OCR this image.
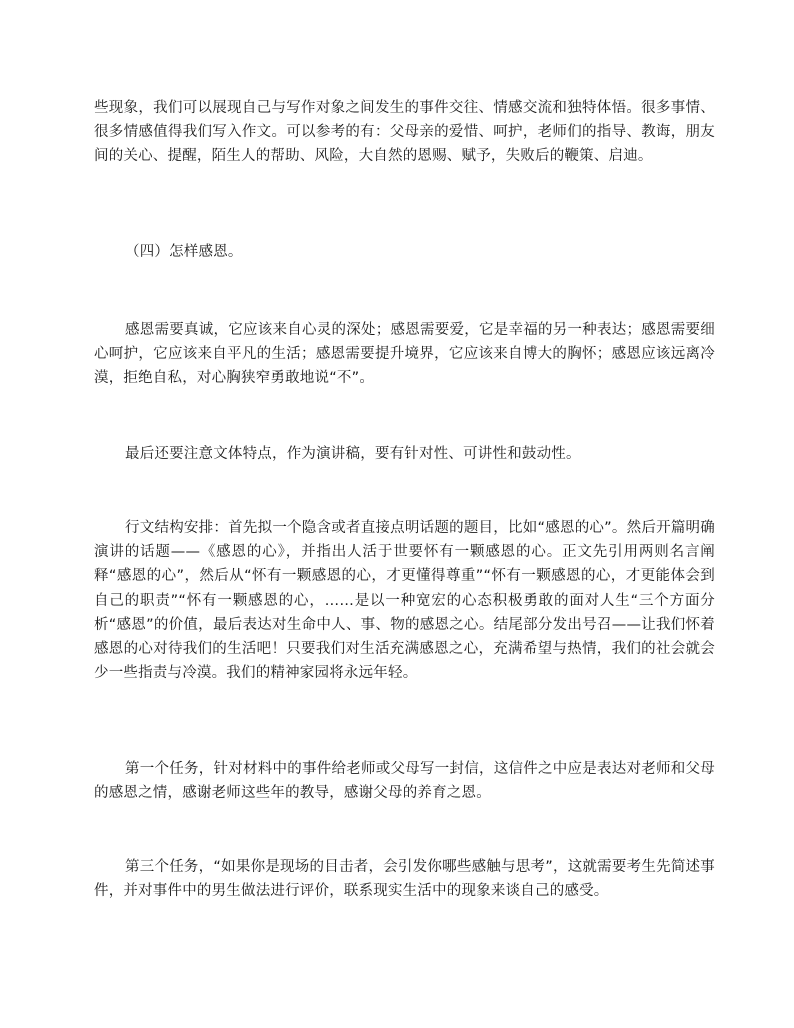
些现象，我们可以展现自己与写作对象之间发生的事件交往、情感交流和独特体悟。很多事情、很多情感值得我们写入作文。可以参考的有：父母亲的爱惜、呵护，老师们的指导、教诲，朋友间的关心、提醒，陌生人的帮助、风险，大自然的恩赐、赋予，失败后的鞭策、启迪。

（四）怎样感恩。

感恩需要真诚，它应该来自心灵的深处；感恩需要爱，它是幸福的另一种表达；感恩需要细心呵护，它应该来自平凡的生活；感恩需要提升境界，它应该来自博大的胸怀；感恩应该远离冷漠，拒绝自私，对心胸狭窄勇敢地说“不”。

最后还要注意文体特点，作为演讲稿，要有针对性、可讲性和鼓动性。

行文结构安排：首先拟一个隐含或者直接点明话题的题目，比如“感恩的心”。然后开篇明确演讲的话题——《感恩的心》，并指出人活于世要怀有一颗感恩的心。正文先引用两则名言阐释“感恩的心”，然后从“怀有一颗感恩的心，才更懂得尊重”“怀有一颗感恩的心，才更能体会到自己的职责”“怀有一颗感恩的心，……是以一种宽宏的心态积极勇敢的面对人生“三个方面分析“感恩”的价值，最后表达对生命中人、事、物的感恩之心。结尾部分发出号召——让我们怀着感恩的心对待我们的生活吧！只要我们对生活充满感恩之心，充满希望与热情，我们的社会就会少一些指责与冷漠。我们的精神家园将永远年轻。

第一个任务，针对材料中的事件给老师或父母写一封信，这信件之中应是表达对老师和父母的感恩之情，感谢老师这些年的教导，感谢父母的养育之恩。

第三个任务，“如果你是现场的目击者，会引发你哪些感触与思考”，这就需要考生先简述事件，并对事件中的男生做法进行评价，联系现实生活中的现象来谈自己的感受。
